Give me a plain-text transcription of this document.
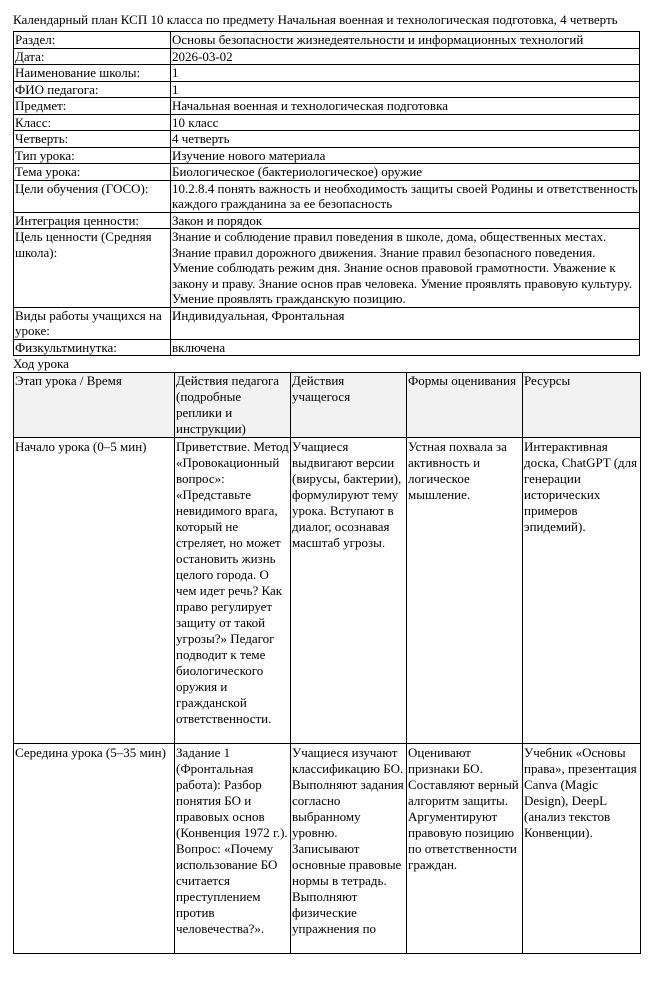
Календарный план КСП 10 класса по предмету Начальная военная и технологическая подготовка, 4 четверть
Раздел:	Основы безопасности жизнедеятельности и информационных технологий
Дата:	2026-03-02
Наименование школы:	1
ФИО педагога:	1
Предмет:	Начальная военная и технологическая подготовка
Класс:	10 класс
Четверть:	4 четверть
Тип урока:	Изучение нового материала
Тема урока:	Биологическое (бактериологическое) оружие
Цели обучения (ГОСО):	10.2.8.4 понять важность и необходимость защиты своей Родины и ответственность каждого гражданина за ее безопасность
Интеграция ценности:	Закон и порядок
Цель ценности (Средняя школа):	Знание и соблюдение правил поведения в школе, дома, общественных местах. Знание правил дорожного движения. Знание правил безопасного поведения. Умение соблюдать режим дня. Знание основ правовой грамотности. Уважение к закону и праву. Знание основ прав человека. Умение проявлять правовую культуру. Умение проявлять гражданскую позицию.
Виды работы учащихся на уроке:	Индивидуальная, Фронтальная
Физкультминутка:	включена

Ход урока

Этап урока / Время	Действия педагога (подробные реплики и инструкции)	Действия учащегося	Формы оценивания	Ресурсы
Начало урока (0–5 мин)	Приветствие. Метод «Провокационный вопрос»: «Представьте невидимого врага, который не стреляет, но может остановить жизнь целого города. О чем идет речь? Как право регулирует защиту от такой угрозы?» Педагог подводит к теме биологического оружия и гражданской ответственности.	Учащиеся выдвигают версии (вирусы, бактерии), формулируют тему урока. Вступают в диалог, осознавая масштаб угрозы.	Устная похвала за активность и логическое мышление.	Интерактивная доска, ChatGPT (для генерации исторических примеров эпидемий).
Середина урока (5–35 мин)	Задание 1 (Фронтальная работа): Разбор понятия БО и правовых основ (Конвенция 1972 г.). Вопрос: «Почему использование БО считается преступлением против человечества?».	Учащиеся изучают классификацию БО. Выполняют задания согласно выбранному уровню. Записывают основные правовые нормы в тетрадь. Выполняют физические упражнения по	Оценивают признаки БО. Составляют верный алгоритм защиты. Аргументируют правовую позицию по ответственности граждан.	Учебник «Основы права», презентация Canva (Magic Design), DeepL (анализ текстов Конвенции).
